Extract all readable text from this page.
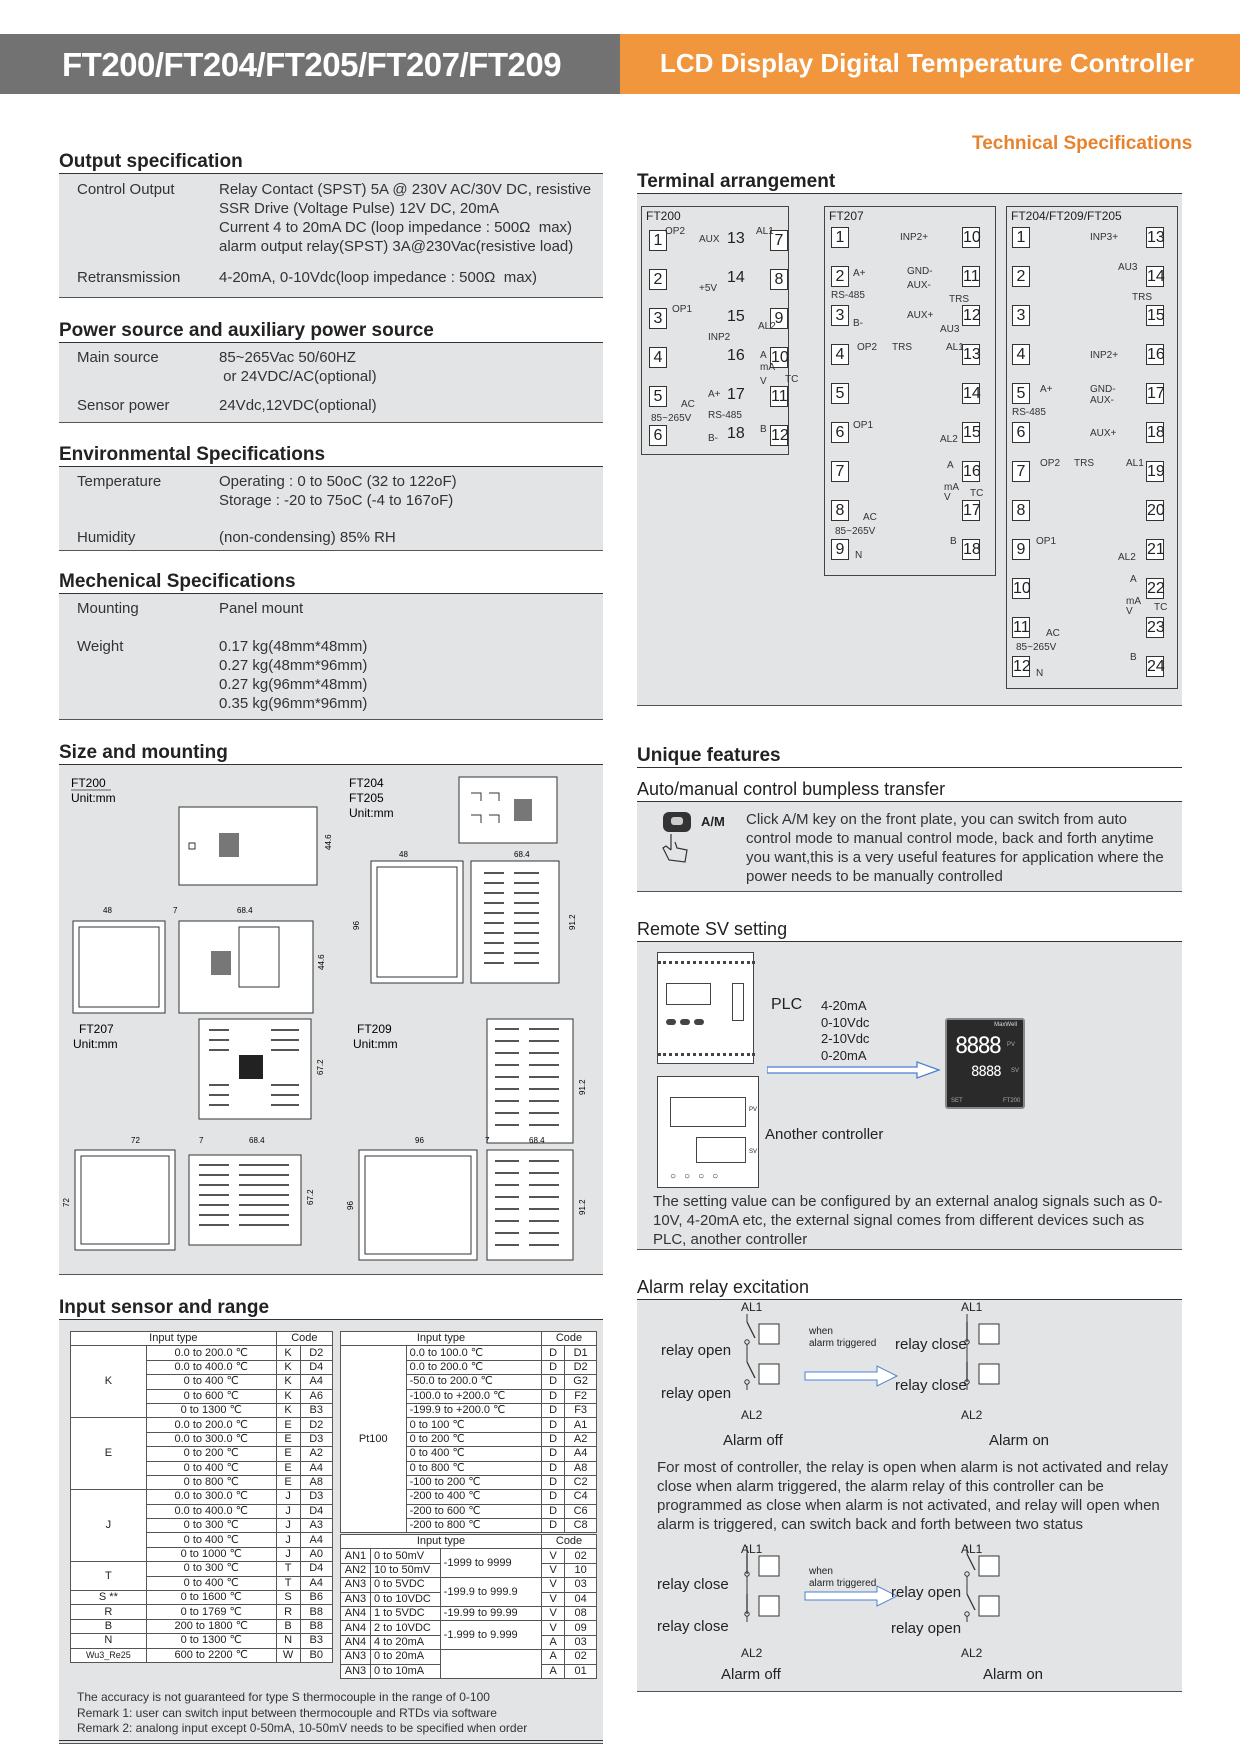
FT200/FT204/FT205/FT207/FT209	LCD Display Digital Temperature Controller
Technical Specifications
Output specification
Control Output	Relay Contact (SPST) 5A @ 230V AC/30V DC, resistive
SSR Drive (Voltage Pulse) 12V DC, 20mA
Current 4 to 20mA DC (loop impedance : 500Ω  max)
alarm output relay(SPST) 3A@230Vac(resistive load)
Retransmission	4-20mA, 0-10Vdc(loop impedance : 500Ω  max)
Power source and auxiliary power source
Main source	85~265Vac 50/60HZ
or 24VDC/AC(optional)
Sensor power	24Vdc,12VDC(optional)
Environmental Specifications
Temperature	Operating : 0 to 50oC (32 to 122oF)
Storage : -20 to 75oC (-4 to 167oF)
Humidity	(non-condensing) 85% RH
Mechenical Specifications
Mounting	Panel mount
Weight	0.17 kg(48mm*48mm)
0.27 kg(48mm*96mm)
0.27 kg(96mm*48mm)
0.35 kg(96mm*96mm)
Size and mounting
FT200
Unit:mm
44.6
48	7	68.4
44.6
FT204
FT205
Unit:mm
48
96
68.4
91.2
FT207
Unit:mm
67.2
72	7	68.4
72	67.2
FT209
Unit:mm
91.2
96	7	68.4
96	91.2
Input sensor and range
Input type		Code	
K	0.0 to 200.0 ℃	K	D2
	0.0 to 400.0 ℃	K	D4
	0 to 400 ℃	K	A4
	0 to 600 ℃	K	A6
	0 to 1300 ℃	K	B3
E	0.0 to 200.0 ℃	E	D2
	0.0 to 300.0 ℃	E	D3
	0 to 200 ℃	E	A2
	0 to 400 ℃	E	A4
	0 to 800 ℃	E	A8
J	0.0 to 300.0 ℃	J	D3
	0.0 to 400.0 ℃	J	D4
	0 to 300 ℃	J	A3
	0 to 400 ℃	J	A4
	0 to 1000 ℃	J	A0
T	0 to 300 ℃	T	D4
	0 to 400 ℃	T	A4
S **	0 to 1600 ℃	S	B6
R	0 to 1769 ℃	R	B8
B	200 to 1800 ℃	B	B8
N	0 to 1300 ℃	N	B3
Wu3_Re25	600 to 2200 ℃	W	B0
Input type		Code	
Pt100	0.0 to 100.0 ℃	D	D1
	0.0 to 200.0 ℃	D	D2
	-50.0 to 200.0 ℃	D	G2
	-100.0 to +200.0 ℃	D	F2
	-199.9 to +200.0 ℃	D	F3
	0 to 100 ℃	D	A1
	0 to 200 ℃	D	A2
	0 to 400 ℃	D	A4
	0 to 800 ℃	D	A8
	-100 to 200 ℃	D	C2
	-200 to 400 ℃	D	C4
	-200 to 600 ℃	D	C6
	-200 to 800 ℃	D	C8
Input type			Code	
AN1	0 to 50mV	-1999 to 9999	V	02
AN2	10 to 50mV		V	10
AN3	0 to 5VDC	-199.9 to 999.9	V	03
AN3	0 to 10VDC		V	04
AN4	1 to 5VDC	-19.99 to 99.99	V	08
AN4	2 to 10VDC	-1.999 to 9.999	V	09
AN4	4 to 20mA		A	03
AN3	0 to 20mA		A	02
AN3	0 to 10mA		A	01
The accuracy is not guaranteed for type S thermocouple in the range of 0-100
Remark 1: user can switch input between thermocouple and RTDs via software
Remark 2: analong input except 0-50mA, 10-50mV needs to be specified when order
Terminal arrangement
FT200	FT207	FT204/FT209/FT205
1
2
3
4
5
6
13 7
14 8
15 9
16 10
17 11
18 12
1
2
3
4
5
6
7
8
9
10
11
12
13
14
15
16
17
18
1
2
3
4
5
6
7
8
9
10
11
12
13
14
15
16
17
18
19
20
21
22
23
24
OP2	AL1
OP1
INP2
AL2
AC
85~265V RS-485
B-
A+
A
mA
V TC
B
AUX
+5V
INP2+
A+
RS-485
GND-
AUX-
TRS
B-
AUX+
AU3
OP2 TRS	AL1
OP1
AL2
AC
85~265V
A
mA
V TC
B
N
INP3+
AU3
TRS
INP2+
A+	GND-
AUX-
RS-485
AUX+
OP2 TRS	AL1
OP1
AL2
AC
85~265V
A
mA
V TC
B
N
Unique features
Auto/manual control bumpless transfer
A/M Click A/M key on the front plate, you can switch from auto control mode to manual control mode, back and forth anytime you want,this is a very useful features for application where the power needs to be manually controlled
Remote SV setting
PLC 4-20mA
0-10Vdc
2-10Vdc
0-20mA
MaxWell
8888 PV
8888 SV
SET	FT200
PV
SV
○○○○
Another controller
The setting value can be configured by an external analog signals such as 0-10V, 4-20mA etc, the external signal comes from different devices such as PLC, another controller
Alarm relay excitation
AL1
AL2
AL1
AL2
relay open
relay open
relay close
relay close
when
alarm triggered
Alarm off	Alarm on
AL1
AL2
AL1
AL2
relay close
relay close
relay open
relay open
when
alarm triggered
Alarm off	Alarm on
For most of controller, the relay is open when alarm is not activated and relay close when alarm triggered, the alarm relay of this controller can be programmed as close when alarm is not activated, and relay will open when alarm is triggered, can switch back and forth between two status
